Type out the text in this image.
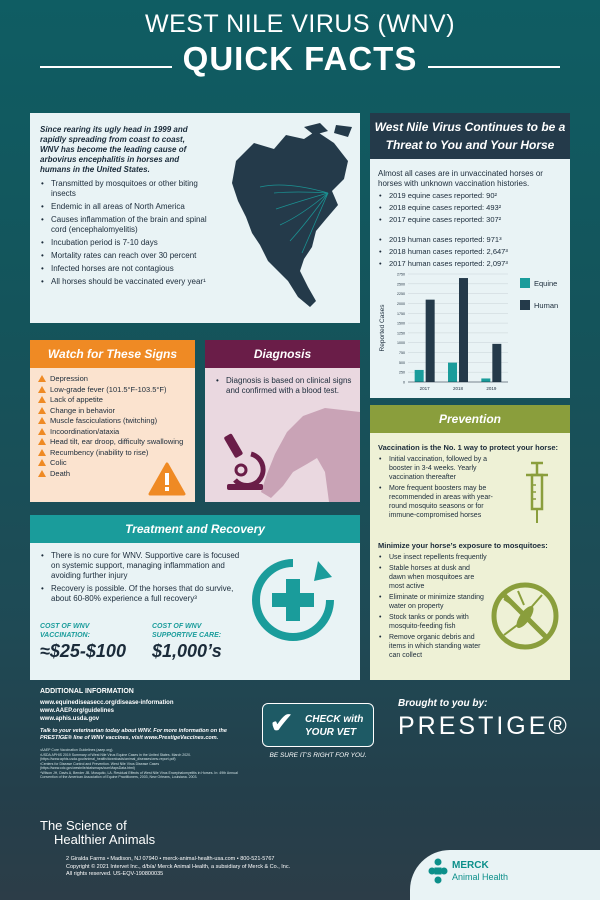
WEST NILE VIRUS (WNV)
QUICK FACTS
Since rearing its ugly head in 1999 and rapidly spreading from coast to coast, WNV has become the leading cause of arbovirus encephalitis in horses and humans in the United States.
• Transmitted by mosquitoes or other biting insects
• Endemic in all areas of North America
• Causes inflammation of the brain and spinal cord (encephalomyelitis)
• Incubation period is 7-10 days
• Mortality rates can reach over 30 percent
• Infected horses are not contagious
• All horses should be vaccinated every year¹
West Nile Virus Continues to be a Threat to You and Your Horse
Almost all cases are in unvaccinated horses or horses with unknown vaccination histories.
• 2019 equine cases reported: 90²
• 2018 equine cases reported: 493²
• 2017 equine cases reported: 307²
• 2019 human cases reported: 971³
• 2018 human cases reported: 2,647³
• 2017 human cases reported: 2,097³
0
250
500
750
1000
1250
1500
1750
2000
2250
2500
2750
Reported Cases
2017	2018	2019
Equine
Human
Watch for These Signs
Depression
Low-grade fever (101.5°F-103.5°F)
Lack of appetite
Change in behavior
Muscle fasciculations (twitching)
Incoordination/ataxia
Head tilt, ear droop, difficulty swallowing
Recumbency (inability to rise)
Colic
Death
Diagnosis
• Diagnosis is based on clinical signs and confirmed with a blood test.
Treatment and Recovery
• There is no cure for WNV. Supportive care is focused on systemic support, managing inflammation and avoiding further injury
• Recovery is possible. Of the horses that do survive, about 60-80% experience a full recovery³
COST OF WNV VACCINATION:
≈$25-$100
COST OF WNV SUPPORTIVE CARE:
$1,000’s
Prevention
Vaccination is the No. 1 way to protect your horse:
• Initial vaccination, followed by a booster in 3-4 weeks. Yearly vaccination thereafter
• More frequent boosters may be recommended in areas with year-round mosquito seasons or for immune-compromised horses
Minimize your horse’s exposure to mosquitoes:
• Use insect repellents frequently
• Stable horses at dusk and dawn when mosquitoes are most active
• Eliminate or minimize standing water on property
• Stock tanks or ponds with mosquito-feeding fish
• Remove organic debris and items in which standing water can collect
ADDITIONAL INFORMATION
www.equinediseasecc.org/disease-information
www.AAEP.org/guidelines
www.aphis.usda.gov
Talk to your veterinarian today about WNV. For more information on the PRESTIGE® line of WNV vaccines, visit www.PrestigeVaccines.com.
¹AAEP Core Vaccination Guidelines (aaep.org).
²USDA APHIS 2019 Summary of West Nile Virus Equine Cases in the United States. March 2020. (https://www.aphis.usda.gov/animal_health/downloads/animal_diseases/wnv-report.pdf)
³Centers for Disease Control and Prevention. West Nile Virus Disease Cases (https://www.cdc.gov/westnile/statsmaps/cumMapsData.html)
⁴Wilson JH, Davis A, Bender JB. Mosquito, LA. Residual Effects of West Nile Virus Encephalomyelitis in Horses. In: 49th Annual Convention of the American Association of Equine Practitioners, 2003, New Orleans, Louisiana. 2003.
✔ CHECK with
YOUR VET
BE SURE IT’S RIGHT FOR YOU.
Brought to you by:
PRESTIGE®
The Science of
Healthier Animals
2 Giralda Farms • Madison, NJ 07940 • merck-animal-health-usa.com • 800-521-5767
Copyright © 2021 Intervet Inc., d/b/a/ Merck Animal Health, a subsidiary of Merck & Co., Inc.
All rights reserved. US-EQV-190800035
MERCK
Animal Health
